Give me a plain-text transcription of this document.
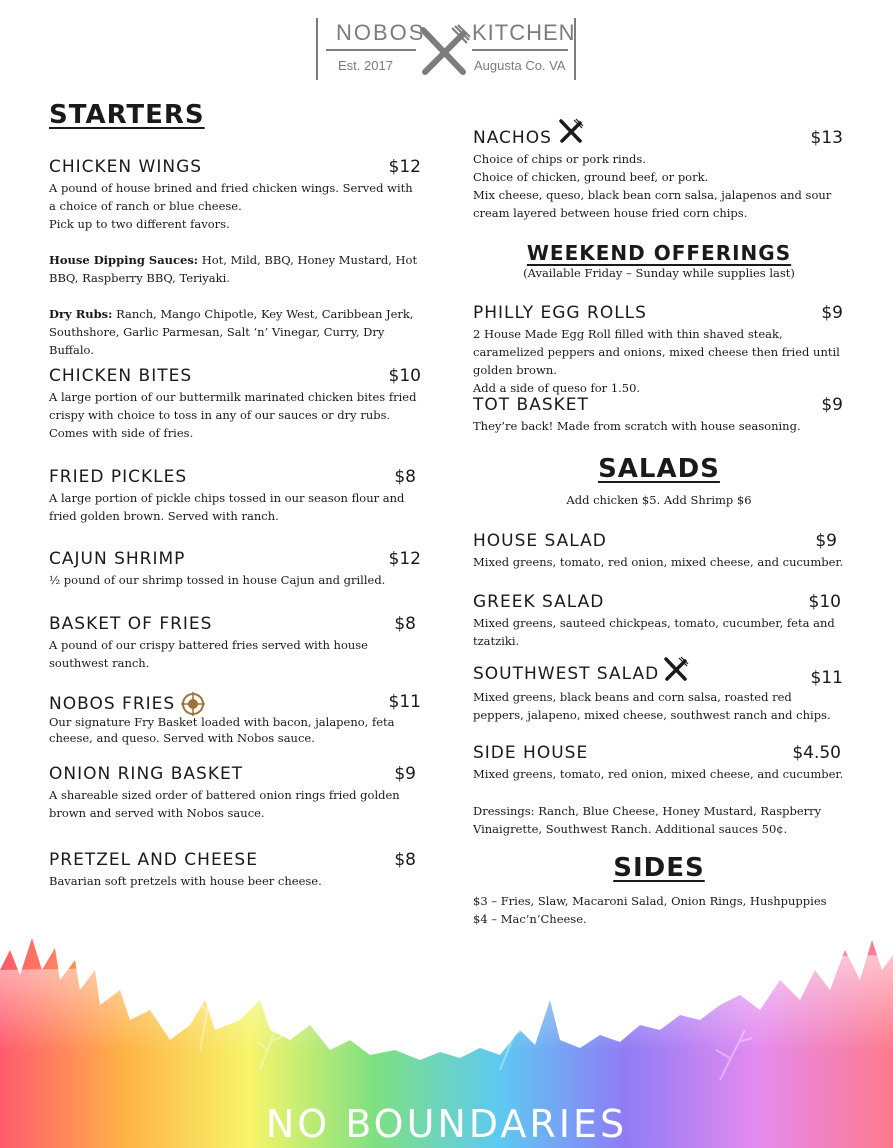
NOBOS
Est. 2017
KITCHEN
Augusta Co. VA
STARTERS
CHICKEN WINGS	$12

A pound of house brined and fried chicken wings. Served with a choice of ranch or blue cheese.

Pick up to two different favors.

House Dipping Sauces: Hot, Mild, BBQ, Honey Mustard, Hot BBQ, Raspberry BBQ, Teriyaki.

Dry Rubs: Ranch, Mango Chipotle, Key West, Caribbean Jerk, Southshore, Garlic Parmesan, Salt ‘n’ Vinegar, Curry, Dry Buffalo.

CHICKEN BITES	$10

A large portion of our buttermilk marinated chicken bites fried crispy with choice to toss in any of our sauces or dry rubs. Comes with side of fries.

FRIED PICKLES	$8

A large portion of pickle chips tossed in our season flour and fried golden brown. Served with ranch.

CAJUN SHRIMP	$12

½ pound of our shrimp tossed in house Cajun and grilled.

BASKET OF FRIES	$8

A pound of our crispy battered fries served with house southwest ranch.

NOBOS FRIES	$11

Our signature Fry Basket loaded with bacon, jalapeno, feta cheese, and queso. Served with Nobos sauce.

ONION RING BASKET	$9

A shareable sized order of battered onion rings fried golden brown and served with Nobos sauce.

PRETZEL AND CHEESE	$8

Bavarian soft pretzels with house beer cheese.

NACHOS	$13

Choice of chips or pork rinds.

Choice of chicken, ground beef, or pork.

Mix cheese, queso, black bean corn salsa, jalapenos and sour cream layered between house fried corn chips.

WEEKEND OFFERINGS
(Available Friday – Sunday while supplies last)
PHILLY EGG ROLLS	$9

2 House Made Egg Roll filled with thin shaved steak, caramelized peppers and onions, mixed cheese then fried until golden brown.

Add a side of queso for 1.50.

TOT BASKET	$9

They’re back! Made from scratch with house seasoning.

SALADS
Add chicken $5. Add Shrimp $6
HOUSE SALAD	$9

Mixed greens, tomato, red onion, mixed cheese, and cucumber.

GREEK SALAD	$10

Mixed greens, sauteed chickpeas, tomato, cucumber, feta and tzatziki.

SOUTHWEST SALAD	$11

Mixed greens, black beans and corn salsa, roasted red peppers, jalapeno, mixed cheese, southwest ranch and chips.

SIDE HOUSE	$4.50

Mixed greens, tomato, red onion, mixed cheese, and cucumber.

Dressings: Ranch, Blue Cheese, Honey Mustard, Raspberry Vinaigrette, Southwest Ranch. Additional sauces 50¢.

SIDES

$3 – Fries, Slaw, Macaroni Salad, Onion Rings, Hushpuppies

$4 – Mac’n’Cheese.

NO BOUNDARIES
